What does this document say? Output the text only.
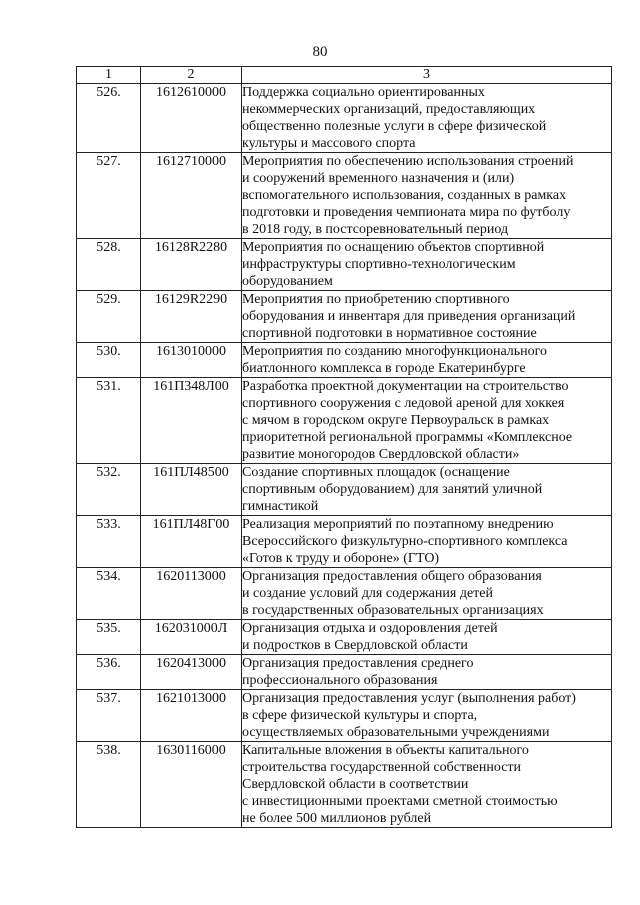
80
1	2	3
526.	1612610000	Поддержка социально ориентированных
некоммерческих организаций, предоставляющих
общественно полезные услуги в сфере физической
культуры и массового спорта
527.	1612710000	Мероприятия по обеспечению использования строений
и сооружений временного назначения и (или)
вспомогательного использования, созданных в рамках
подготовки и проведения чемпионата мира по футболу
в 2018 году, в постсоревновательный период
528.	16128R2280	Мероприятия по оснащению объектов спортивной
инфраструктуры спортивно-технологическим
оборудованием
529.	16129R2290	Мероприятия по приобретению спортивного
оборудования и инвентаря для приведения организаций
спортивной подготовки в нормативное состояние
530.	1613010000	Мероприятия по созданию многофункционального
биатлонного комплекса в городе Екатеринбурге
531.	161П348Л00	Разработка проектной документации на строительство
спортивного сооружения с ледовой ареной для хоккея
с мячом в городском округе Первоуральск в рамках
приоритетной региональной программы «Комплексное
развитие моногородов Свердловской области»
532.	161ПЛ48500	Создание спортивных площадок (оснащение
спортивным оборудованием) для занятий уличной
гимнастикой
533.	161ПЛ48Г00	Реализация мероприятий по поэтапному внедрению
Всероссийского физкультурно-спортивного комплекса
«Готов к труду и обороне» (ГТО)
534.	1620113000	Организация предоставления общего образования
и создание условий для содержания детей
в государственных образовательных организациях
535.	162031000Л	Организация отдыха и оздоровления детей
и подростков в Свердловской области
536.	1620413000	Организация предоставления среднего
профессионального образования
537.	1621013000	Организация предоставления услуг (выполнения работ)
в сфере физической культуры и спорта,
осуществляемых образовательными учреждениями
538.	1630116000	Капитальные вложения в объекты капитального
строительства государственной собственности
Свердловской области в соответствии
с инвестиционными проектами сметной стоимостью
не более 500 миллионов рублей
